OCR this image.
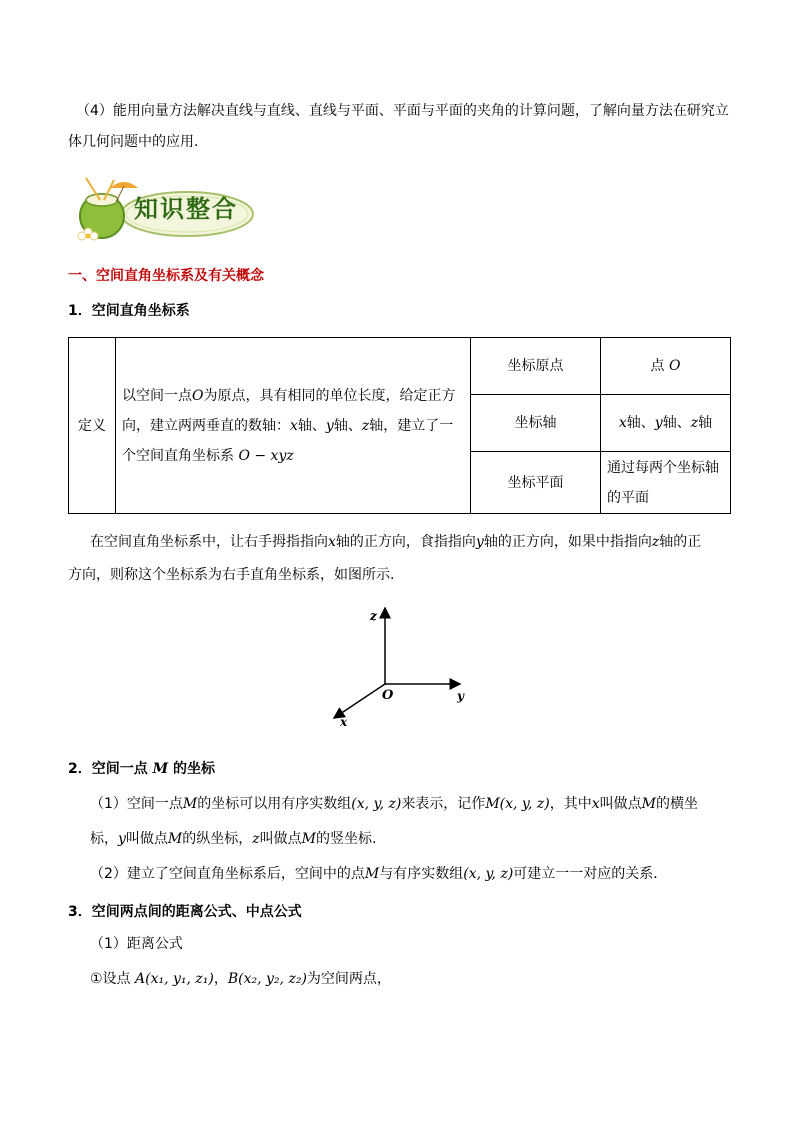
（4）能用向量方法解决直线与直线、直线与平面、平面与平面的夹角的计算问题，了解向量方法在研究立
体几何问题中的应用.
知识整合
一、空间直角坐标系及有关概念
1．空间直角坐标系
定义	以空间一点O为原点，具有相同的单位长度，给定正方
向，建立两两垂直的数轴：x轴、y轴、z轴，建立了一
个空间直角坐标系 O − xyz	坐标原点	点 O
		坐标轴	x轴、y轴、z轴
		坐标平面	通过每两个坐标轴
的平面
在空间直角坐标系中，让右手拇指指向x轴的正方向，食指指向y轴的正方向，如果中指指向z轴的正
方向，则称这个坐标系为右手直角坐标系，如图所示.
z
y
x
O
2．空间一点 M 的坐标
（1）空间一点M的坐标可以用有序实数组(x, y, z)来表示，记作M(x, y, z)，其中x叫做点M的横坐
标，y叫做点M的纵坐标，z叫做点M的竖坐标.
（2）建立了空间直角坐标系后，空间中的点M与有序实数组(x, y, z)可建立一一对应的关系．
3．空间两点间的距离公式、中点公式
（1）距离公式
①设点 A(x₁, y₁, z₁)，B(x₂, y₂, z₂)为空间两点，
